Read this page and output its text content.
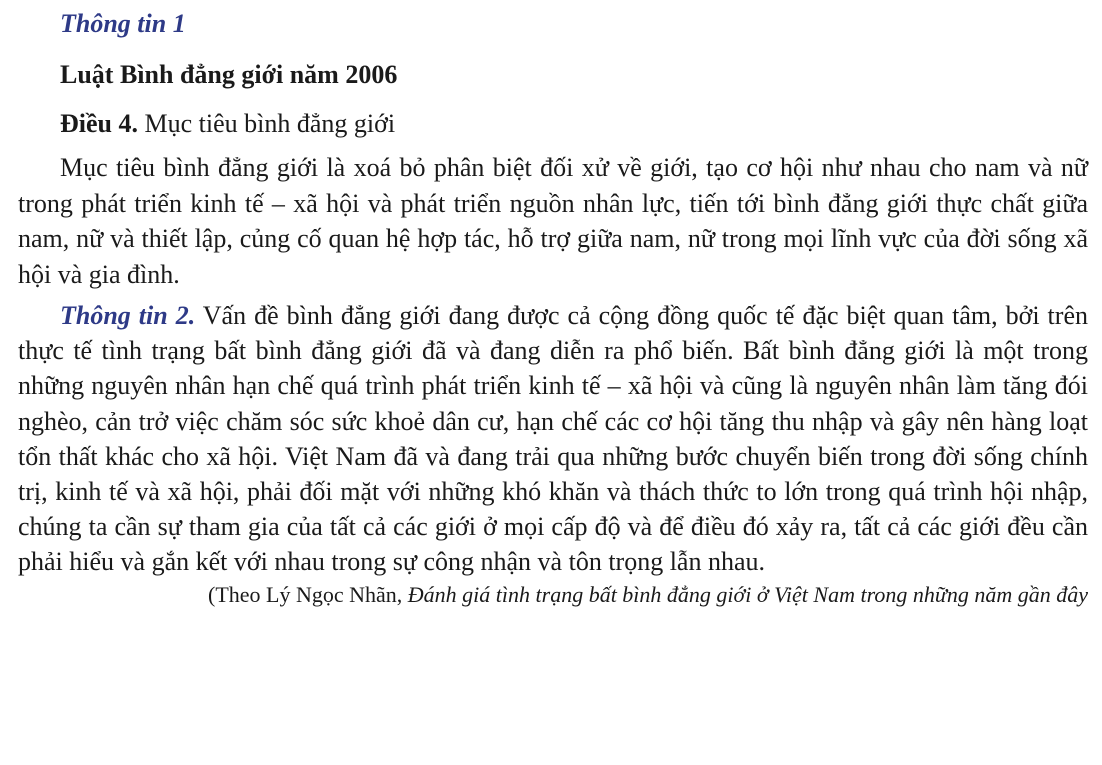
Thông tin 1

Luật Bình đẳng giới năm 2006

Điều 4. Mục tiêu bình đẳng giới

Mục tiêu bình đẳng giới là xoá bỏ phân biệt đối xử về giới, tạo cơ hội như nhau cho nam và nữ trong phát triển kinh tế – xã hội và phát triển nguồn nhân lực, tiến tới bình đẳng giới thực chất giữa nam, nữ và thiết lập, củng cố quan hệ hợp tác, hỗ trợ giữa nam, nữ trong mọi lĩnh vực của đời sống xã hội và gia đình.

Thông tin 2. Vấn đề bình đẳng giới đang được cả cộng đồng quốc tế đặc biệt quan tâm, bởi trên thực tế tình trạng bất bình đẳng giới đã và đang diễn ra phổ biến. Bất bình đẳng giới là một trong những nguyên nhân hạn chế quá trình phát triển kinh tế – xã hội và cũng là nguyên nhân làm tăng đói nghèo, cản trở việc chăm sóc sức khoẻ dân cư, hạn chế các cơ hội tăng thu nhập và gây nên hàng loạt tổn thất khác cho xã hội. Việt Nam đã và đang trải qua những bước chuyển biến trong đời sống chính trị, kinh tế và xã hội, phải đối mặt với những khó khăn và thách thức to lớn trong quá trình hội nhập, chúng ta cần sự tham gia của tất cả các giới ở mọi cấp độ và để điều đó xảy ra, tất cả các giới đều cần phải hiểu và gắn kết với nhau trong sự công nhận và tôn trọng lẫn nhau.

(Theo Lý Ngọc Nhãn, Đánh giá tình trạng bất bình đẳng giới ở Việt Nam trong những năm gần đây
